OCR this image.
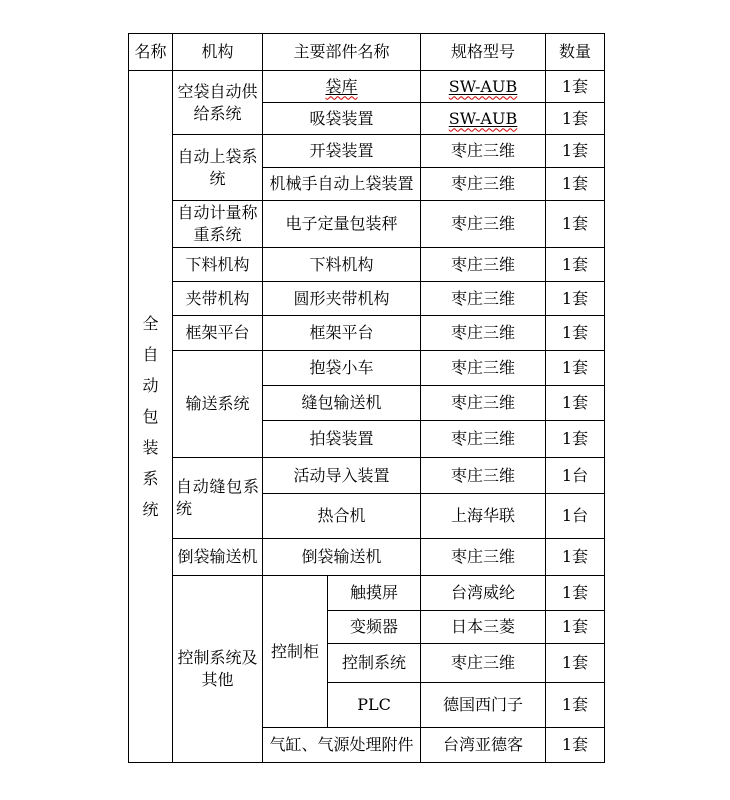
名称	机构	主要部件名称		规格型号	数量

全自动包装系统	空袋自动供给系统	袋库		SW-AUB	1套
		吸袋装置		SW-AUB	1套
	自动上袋系统	开袋装置		枣庄三维	1套
		机械手自动上袋装置		枣庄三维	1套
	自动计量称重系统	电子定量包装秤		枣庄三维	1套
	下料机构	下料机构		枣庄三维	1套
	夹带机构	圆形夹带机构		枣庄三维	1套
	框架平台	框架平台		枣庄三维	1套
	输送系统	抱袋小车		枣庄三维	1套
		缝包输送机		枣庄三维	1套
		拍袋装置		枣庄三维	1套
	自动缝包系统	活动导入装置		枣庄三维	1台
		热合机		上海华联	1台
	倒袋输送机	倒袋输送机		枣庄三维	1套
	控制系统及其他	控制柜	触摸屏	台湾威纶	1套
			变频器	日本三菱	1套
			控制系统	枣庄三维	1套
			PLC	德国西门子	1套
		气缸、气源处理附件		台湾亚德客	1套
